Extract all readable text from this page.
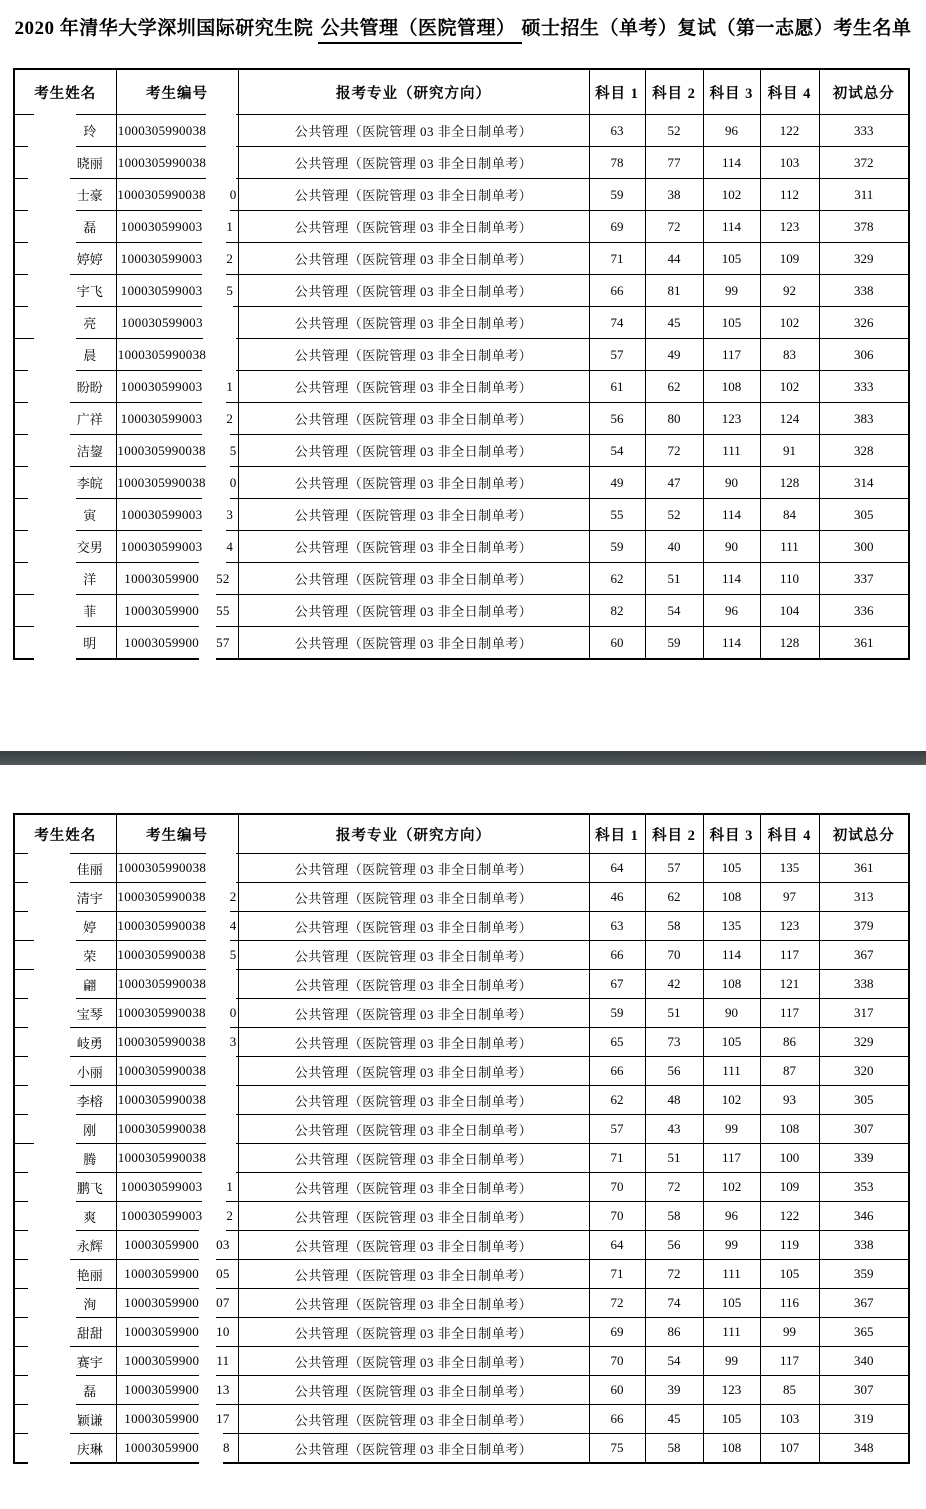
2020 年清华大学深圳国际研究生院 公共管理（医院管理） 硕士招生（单考）复试（第一志愿）考生名单
考生姓名	考生编号	报考专业（研究方向）	科目 1	科目 2	科目 3	科目 4	初试总分

玲	1000305990038	公共管理（医院管理 03 非全日制单考）	63	52	96	122	333

晓丽	1000305990038	公共管理（医院管理 03 非全日制单考）	78	77	114	103	372

士豪	1000305990038 0	公共管理（医院管理 03 非全日制单考）	59	38	102	112	311

磊	100030599003 1	公共管理（医院管理 03 非全日制单考）	69	72	114	123	378

婷婷	100030599003 2	公共管理（医院管理 03 非全日制单考）	71	44	105	109	329

宇飞	100030599003 5	公共管理（医院管理 03 非全日制单考）	66	81	99	92	338

亮	100030599003	公共管理（医院管理 03 非全日制单考）	74	45	105	102	326

晨	1000305990038	公共管理（医院管理 03 非全日制单考）	57	49	117	83	306

盼盼	100030599003 1	公共管理（医院管理 03 非全日制单考）	61	62	108	102	333

广祥	100030599003 2	公共管理（医院管理 03 非全日制单考）	56	80	123	124	383

洁鋆	1000305990038 5	公共管理（医院管理 03 非全日制单考）	54	72	111	91	328

李皖	1000305990038 0	公共管理（医院管理 03 非全日制单考）	49	47	90	128	314

寅	100030599003 3	公共管理（医院管理 03 非全日制单考）	55	52	114	84	305

交男	100030599003 4	公共管理（医院管理 03 非全日制单考）	59	40	90	111	300

洋	10003059900 52	公共管理（医院管理 03 非全日制单考）	62	51	114	110	337

菲	10003059900 55	公共管理（医院管理 03 非全日制单考）	82	54	96	104	336

明	10003059900 57	公共管理（医院管理 03 非全日制单考）	60	59	114	128	361
考生姓名	考生编号	报考专业（研究方向）	科目 1	科目 2	科目 3	科目 4	初试总分

佳丽	1000305990038	公共管理（医院管理 03 非全日制单考）	64	57	105	135	361

清宇	1000305990038 2	公共管理（医院管理 03 非全日制单考）	46	62	108	97	313

婷	1000305990038 4	公共管理（医院管理 03 非全日制单考）	63	58	135	123	379

荣	1000305990038 5	公共管理（医院管理 03 非全日制单考）	66	70	114	117	367

翩	1000305990038	公共管理（医院管理 03 非全日制单考）	67	42	108	121	338

宝琴	1000305990038 0	公共管理（医院管理 03 非全日制单考）	59	51	90	117	317

岐勇	1000305990038 3	公共管理（医院管理 03 非全日制单考）	65	73	105	86	329

小丽	1000305990038	公共管理（医院管理 03 非全日制单考）	66	56	111	87	320

李榕	1000305990038	公共管理（医院管理 03 非全日制单考）	62	48	102	93	305

刚	1000305990038	公共管理（医院管理 03 非全日制单考）	57	43	99	108	307

腾	1000305990038	公共管理（医院管理 03 非全日制单考）	71	51	117	100	339

鹏飞	100030599003 1	公共管理（医院管理 03 非全日制单考）	70	72	102	109	353

爽	100030599003 2	公共管理（医院管理 03 非全日制单考）	70	58	96	122	346

永辉	10003059900 03	公共管理（医院管理 03 非全日制单考）	64	56	99	119	338

艳丽	10003059900 05	公共管理（医院管理 03 非全日制单考）	71	72	111	105	359

洵	10003059900 07	公共管理（医院管理 03 非全日制单考）	72	74	105	116	367

甜甜	10003059900 10	公共管理（医院管理 03 非全日制单考）	69	86	111	99	365

赛宇	10003059900 11	公共管理（医院管理 03 非全日制单考）	70	54	99	117	340

磊	10003059900 13	公共管理（医院管理 03 非全日制单考）	60	39	123	85	307

颖谦	10003059900 17	公共管理（医院管理 03 非全日制单考）	66	45	105	103	319

庆琳	10003059900 8	公共管理（医院管理 03 非全日制单考）	75	58	108	107	348
